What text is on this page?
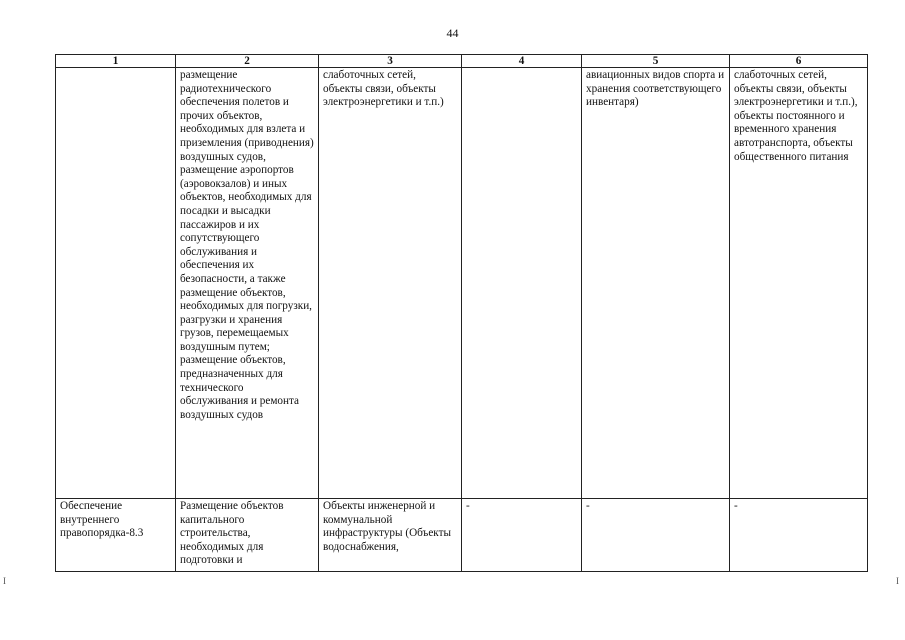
44
1	2	3	4	5	6
	размещение радиотехнического обеспечения полетов и прочих объектов, необходимых для взлета и приземления (приводнения) воздушных судов, размещение аэропортов (аэровокзалов) и иных объектов, необходимых для посадки и высадки пассажиров и их сопутствующего обслуживания и обеспечения их безопасности, а также размещение объектов, необходимых для погрузки, разгрузки и хранения грузов, перемещаемых воздушным путем; размещение объектов, предназначенных для технического обслуживания и ремонта воздушных судов	слаботочных сетей, объекты связи, объекты электроэнергетики и т.п.)		авиационных видов спорта и хранения соответствующего инвентаря)	слаботочных сетей, объекты связи, объекты электроэнергетики и т.п.), объекты постоянного и временного хранения автотранспорта, объекты общественного питания
Обеспечение внутреннего правопорядка-8.3	Размещение объектов капитального строительства, необходимых для подготовки и	Объекты инженерной и коммунальной инфраструктуры (Объекты водоснабжения,	-	-	-
I	I
